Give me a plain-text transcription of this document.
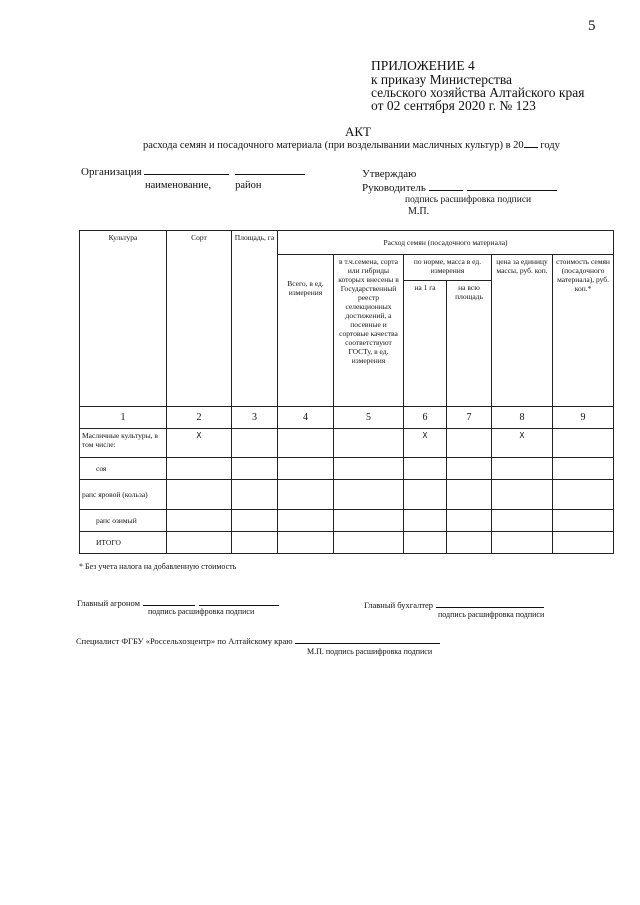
5
ПРИЛОЖЕНИЕ 4
к приказу Министерства
сельского хозяйства Алтайского края
от 02 сентября 2020 г. № 123
АКТ
расхода семян и посадочного материала (при возделывании масличных культур) в 20 году
Организация
наименование, район
Утверждаю
Руководитель
подпись расшифровка подписи
М.П.
Культура	Сорт	Площадь, га	Расход семян (посадочного материала)					
			Всего, в ед. измерения	в т.ч.семена, сорта или гибриды которых внесены в Государственный реестр селекционных достижений, а посевные и сортовые качества соответствуют ГОСТу, в ед. измерения	по норме, масса в ед. измерения		цена за единицу массы, руб. коп.	стоимость семян (посадочного материала), руб. коп.*
					на 1 га	на всю площадь		
1	2	3	4	5	6	7	8	9
Масличные культуры, в том числе:	Х				Х		Х	
соя								
рапс яровой (кольза)								
рапс озимый								
ИТОГО								
* Без учета налога на добавленную стоимость
Главный агроном
подпись расшифровка подписи
Главный бухгалтер
подпись расшифровка подписи
Специалист ФГБУ «Россельхозцентр» по Алтайскому краю
М.П. подпись расшифровка подписи
